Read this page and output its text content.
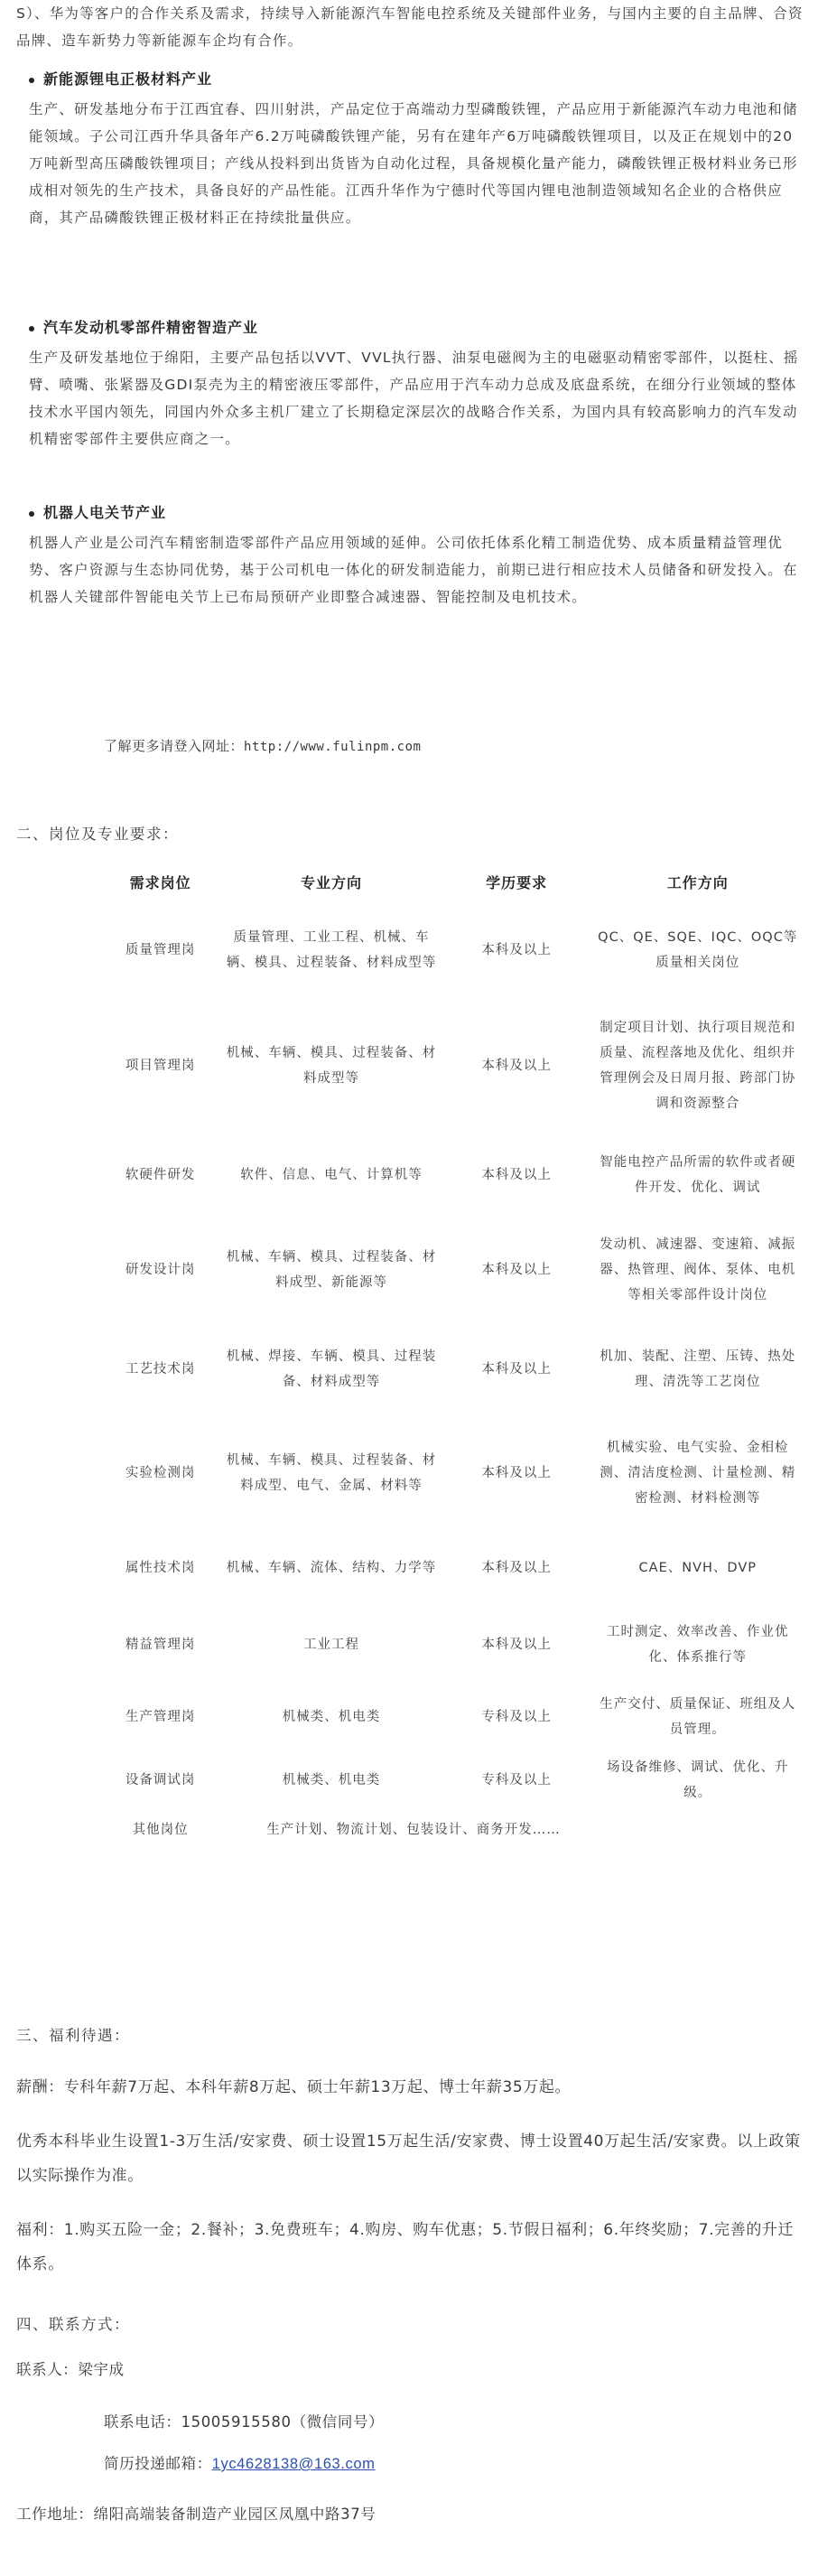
S）、华为等客户的合作关系及需求，持续导入新能源汽车智能电控系统及关键部件业务，与国内主要的自主品牌、合资品牌、造车新势力等新能源车企均有合作。
新能源锂电正极材料产业
生产、研发基地分布于江西宜春、四川射洪，产品定位于高端动力型磷酸铁锂，产品应用于新能源汽车动力电池和储能领域。子公司江西升华具备年产6.2万吨磷酸铁锂产能，另有在建年产6万吨磷酸铁锂项目，以及正在规划中的20万吨新型高压磷酸铁锂项目；产线从投料到出货皆为自动化过程，具备规模化量产能力，磷酸铁锂正极材料业务已形成相对领先的生产技术，具备良好的产品性能。江西升华作为宁德时代等国内锂电池制造领域知名企业的合格供应商，其产品磷酸铁锂正极材料正在持续批量供应。
汽车发动机零部件精密智造产业
生产及研发基地位于绵阳，主要产品包括以VVT、VVL执行器、油泵电磁阀为主的电磁驱动精密零部件，以挺柱、摇臂、喷嘴、张紧器及GDI泵壳为主的精密液压零部件，产品应用于汽车动力总成及底盘系统，在细分行业领域的整体技术水平国内领先，同国内外众多主机厂建立了长期稳定深层次的战略合作关系，为国内具有较高影响力的汽车发动机精密零部件主要供应商之一。
机器人电关节产业
机器人产业是公司汽车精密制造零部件产品应用领域的延伸。公司依托体系化精工制造优势、成本质量精益管理优势、客户资源与生态协同优势，基于公司机电一体化的研发制造能力，前期已进行相应技术人员储备和研发投入。在机器人关键部件智能电关节上已布局预研产业即整合减速器、智能控制及电机技术。
了解更多请登入网址：http://www.fulinpm.com
二、岗位及专业要求：
需求岗位	专业方向	学历要求	工作方向
质量管理岗	质量管理、工业工程、机械、车辆、模具、过程装备、材料成型等	本科及以上	QC、QE、SQE、IQC、OQC等质量相关岗位
项目管理岗	机械、车辆、模具、过程装备、材料成型等	本科及以上	制定项目计划、执行项目规范和质量、流程落地及优化、组织并管理例会及日周月报、跨部门协调和资源整合
软硬件研发	软件、信息、电气、计算机等	本科及以上	智能电控产品所需的软件或者硬件开发、优化、调试
研发设计岗	机械、车辆、模具、过程装备、材料成型、新能源等	本科及以上	发动机、减速器、变速箱、减振器、热管理、阀体、泵体、电机等相关零部件设计岗位
工艺技术岗	机械、焊接、车辆、模具、过程装备、材料成型等	本科及以上	机加、装配、注塑、压铸、热处理、清洗等工艺岗位
实验检测岗	机械、车辆、模具、过程装备、材料成型、电气、金属、材料等	本科及以上	机械实验、电气实验、金相检测、清洁度检测、计量检测、精密检测、材料检测等
属性技术岗	机械、车辆、流体、结构、力学等	本科及以上	CAE、NVH、DVP
精益管理岗	工业工程	本科及以上	工时测定、效率改善、作业优化、体系推行等
生产管理岗	机械类、机电类	专科及以上	生产交付、质量保证、班组及人员管理。
设备调试岗	机械类、机电类	专科及以上	场设备维修、调试、优化、升级。
其他岗位	生产计划、物流计划、包装设计、商务开发……		
三、福利待遇：
薪酬：专科年薪7万起、本科年薪8万起、硕士年薪13万起、博士年薪35万起。
优秀本科毕业生设置1-3万生活/安家费、硕士设置15万起生活/安家费、博士设置40万起生活/安家费。以上政策以实际操作为准。
福利：1.购买五险一金；2.餐补；3.免费班车；4.购房、购车优惠；5.节假日福利；6.年终奖励；7.完善的升迁体系。
四、联系方式：
联系人：梁宇成
联系电话：15005915580（微信同号）
简历投递邮箱：1yc4628138@163.com
工作地址：绵阳高端装备制造产业园区凤凰中路37号
